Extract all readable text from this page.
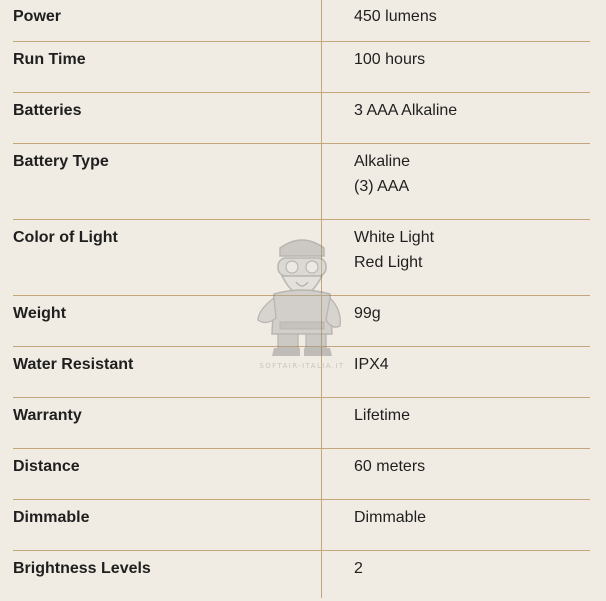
Power	450 lumens
Run Time	100 hours
Batteries	3 AAA Alkaline
Battery Type	Alkaline
(3) AAA
Color of Light	White Light
Red Light
Weight	99g
Water Resistant	IPX4
Warranty	Lifetime
Distance	60 meters
Dimmable	Dimmable
Brightness Levels	2
SOFTAIR-ITALIA.IT
